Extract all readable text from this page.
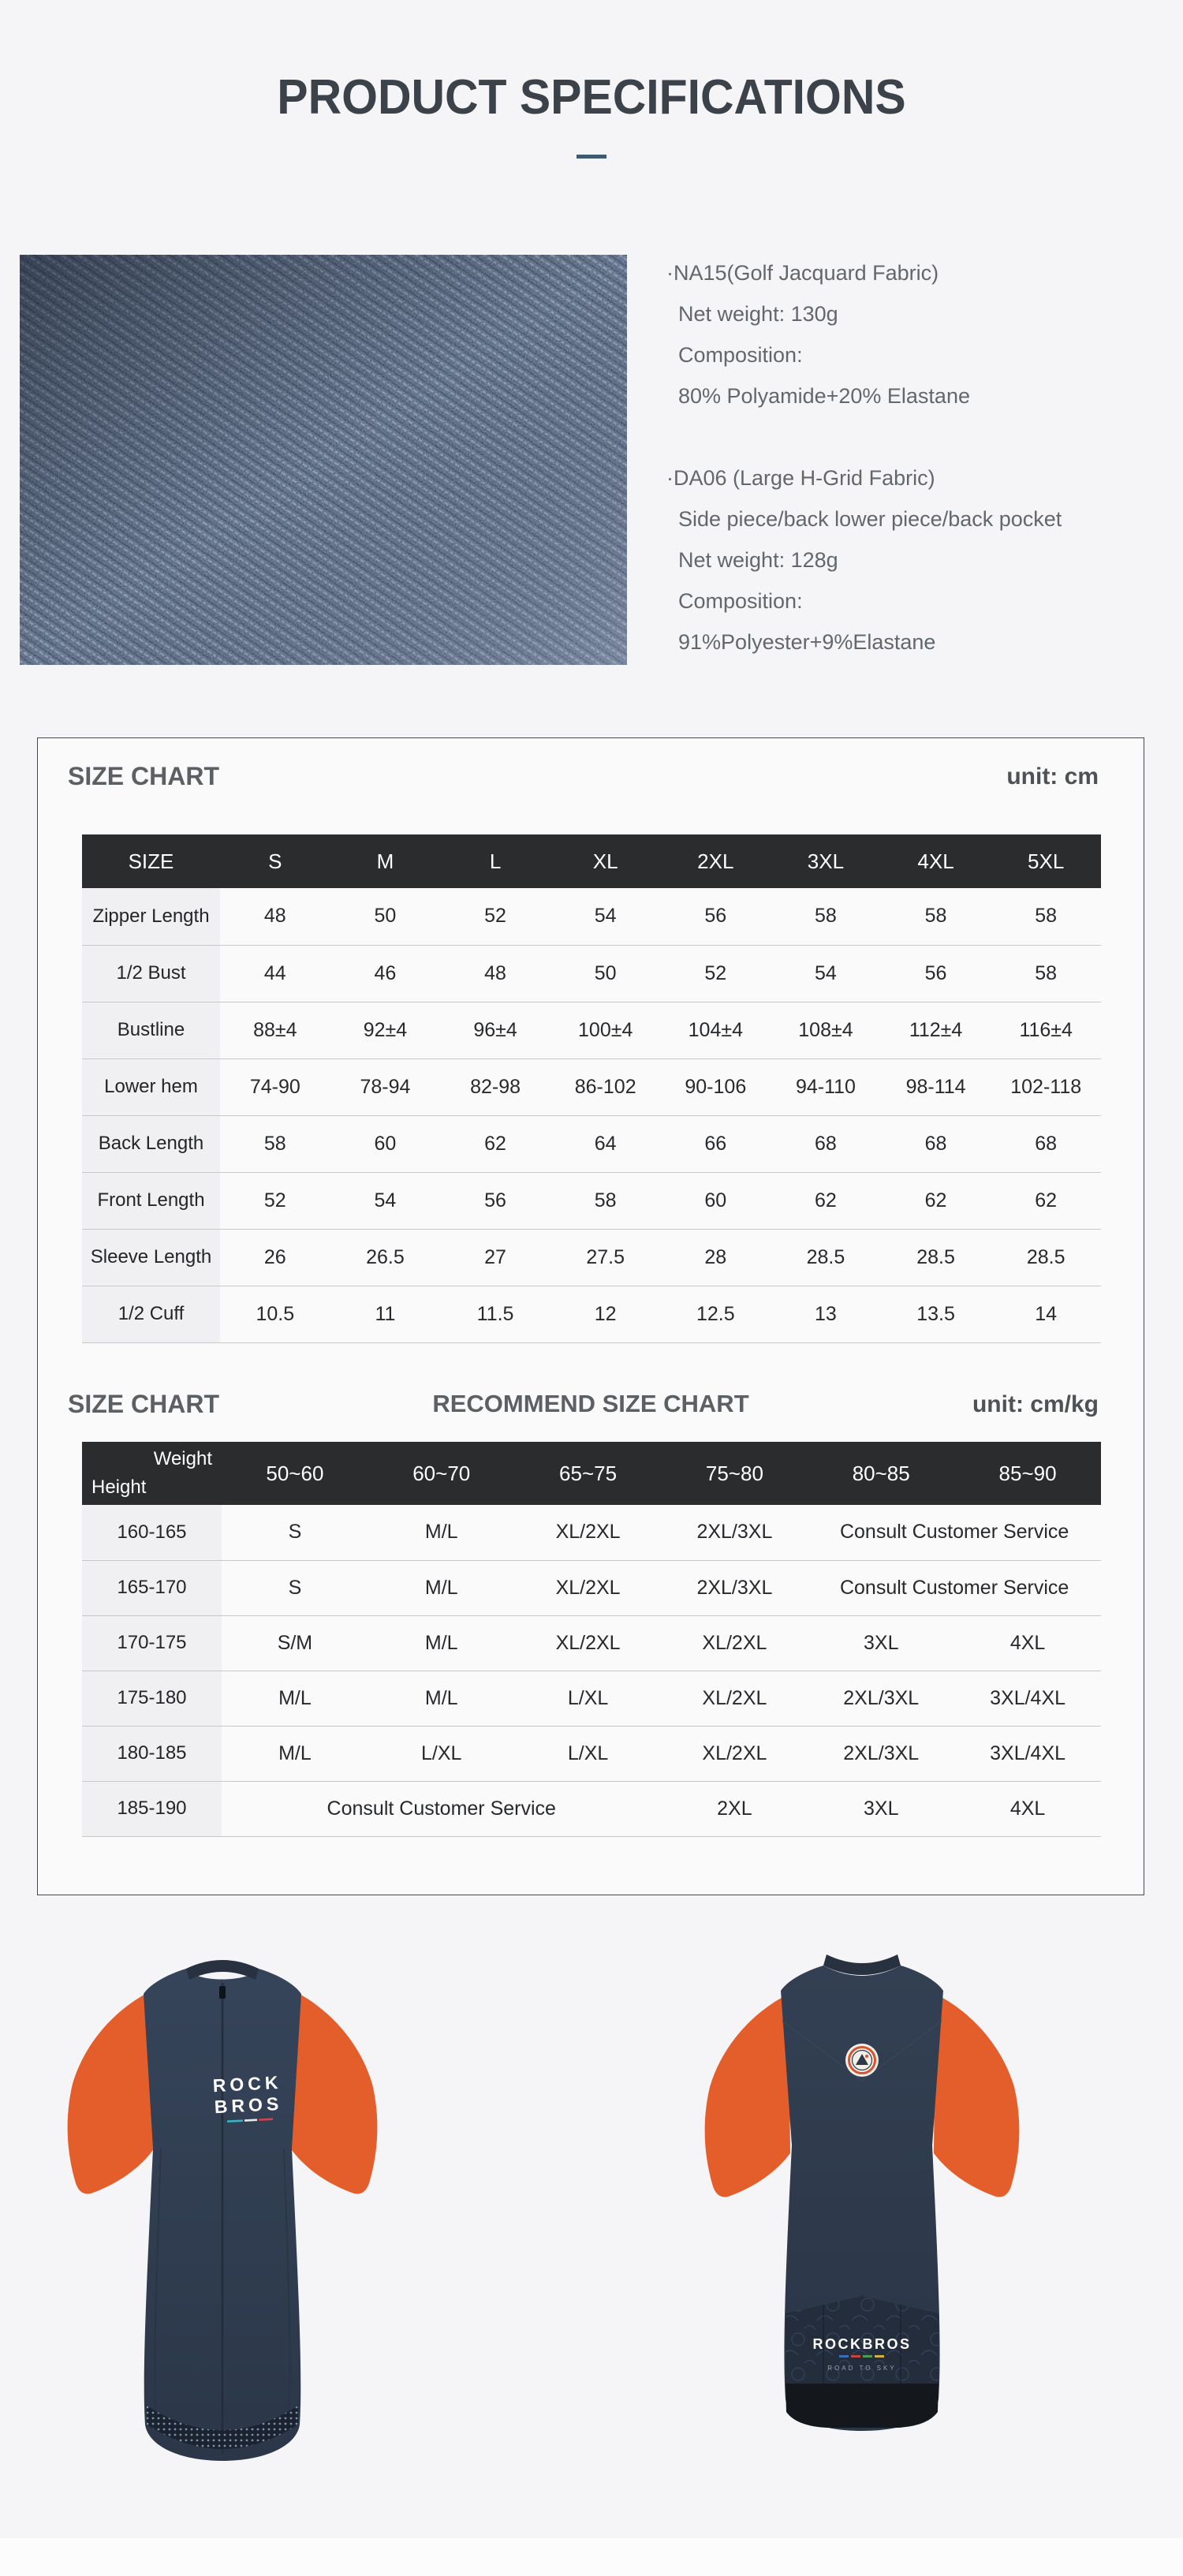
PRODUCT SPECIFICATIONS
·NA15(Golf Jacquard Fabric)
Net weight: 130g
Composition:
80% Polyamide+20% Elastane
·DA06 (Large H-Grid Fabric)
Side piece/back lower piece/back pocket
Net weight: 128g
Composition:
91%Polyester+9%Elastane
SIZE CHART	unit: cm
SIZE	S	M	L	XL	2XL	3XL	4XL	5XL
Zipper Length	48	50	52	54	56	58	58	58
1/2 Bust	44	46	48	50	52	54	56	58
Bustline	88±4	92±4	96±4	100±4	104±4	108±4	112±4	116±4
Lower hem	74-90	78-94	82-98	86-102	90-106	94-110	98-114	102-118
Back Length	58	60	62	64	66	68	68	68
Front Length	52	54	56	58	60	62	62	62
Sleeve Length	26	26.5	27	27.5	28	28.5	28.5	28.5
1/2 Cuff	10.5	11	11.5	12	12.5	13	13.5	14
SIZE CHART	RECOMMEND SIZE CHART	unit: cm/kg
Weight
Height	50~60	60~70	65~75	75~80	80~85	85~90
160-165	S	M/L	XL/2XL	2XL/3XL	Consult Customer Service	
165-170	S	M/L	XL/2XL	2XL/3XL	Consult Customer Service	
170-175	S/M	M/L	XL/2XL	XL/2XL	3XL	4XL
175-180	M/L	M/L	L/XL	XL/2XL	2XL/3XL	3XL/4XL
180-185	M/L	L/XL	L/XL	XL/2XL	2XL/3XL	3XL/4XL
185-190	Consult Customer Service			2XL	3XL	4XL
ROCK
BROS
ROCKBROS
ROAD TO SKY
